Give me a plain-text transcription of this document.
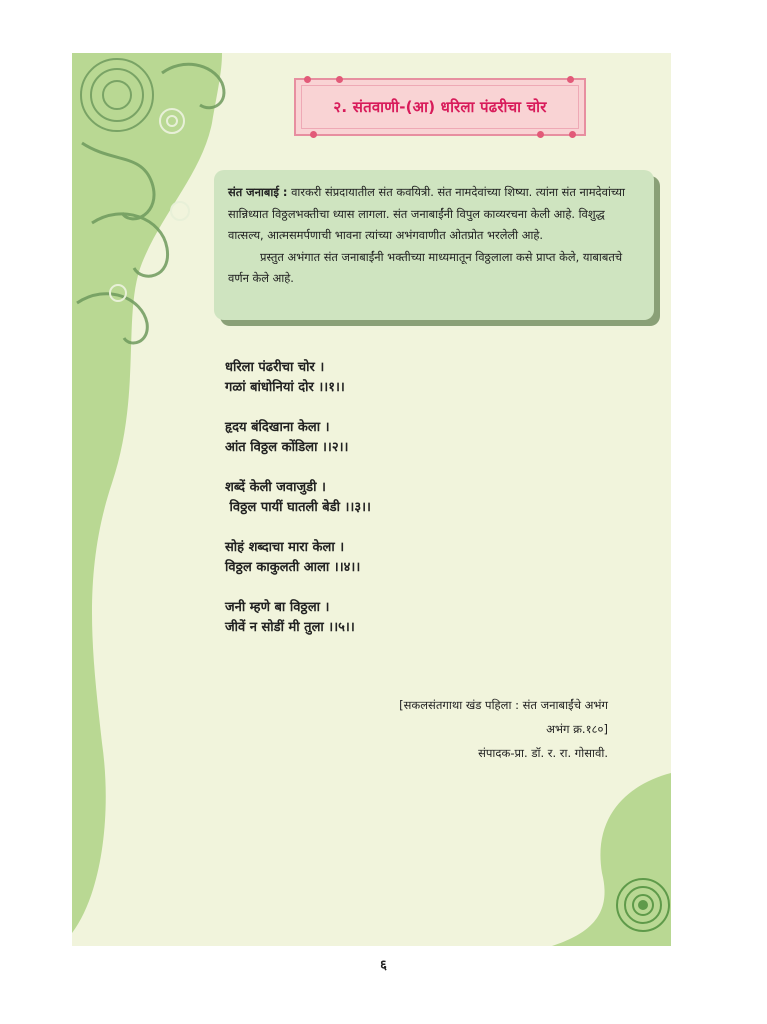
२. संतवाणी-(आ) धरिला पंढरीचा चोर

संत जनाबाई : वारकरी संप्रदायातील संत कवयित्री. संत नामदेवांच्या शिष्या. त्यांना संत नामदेवांच्या सान्निध्यात विठ्ठलभक्तीचा ध्यास लागला. संत जनाबाईंनी विपुल काव्यरचना केली आहे. विशुद्ध वात्सल्य, आत्मसमर्पणाची भावना त्यांच्या अभंगवाणीत ओतप्रोत भरलेली आहे.

प्रस्तुत अभंगात संत जनाबाईंनी भक्तीच्या माध्यमातून विठ्ठलाला कसे प्राप्त केले, याबाबतचे वर्णन केले आहे.

धरिला पंढरीचा चोर ।
गळां बांधोनियां दोर ।।१।।
हृदय बंदिखाना केला ।
आंत विठ्ठल कोंडिला ।।२।।
शब्दें केली जवाजुडी ।
विठ्ठल पायीं घातली बेडी ।।३।।
सोहं शब्दाचा मारा केला ।
विठ्ठल काकुलती आला ।।४।।
जनी म्हणे बा विठ्ठला ।
जीवें न सोडीं मी तुला ।।५।।
[सकलसंतगाथा खंड पहिला : संत जनाबाईंचे अभंग
अभंग क्र.१८०]
संपादक-प्रा. डॉ. र. रा. गोसावी.
६
